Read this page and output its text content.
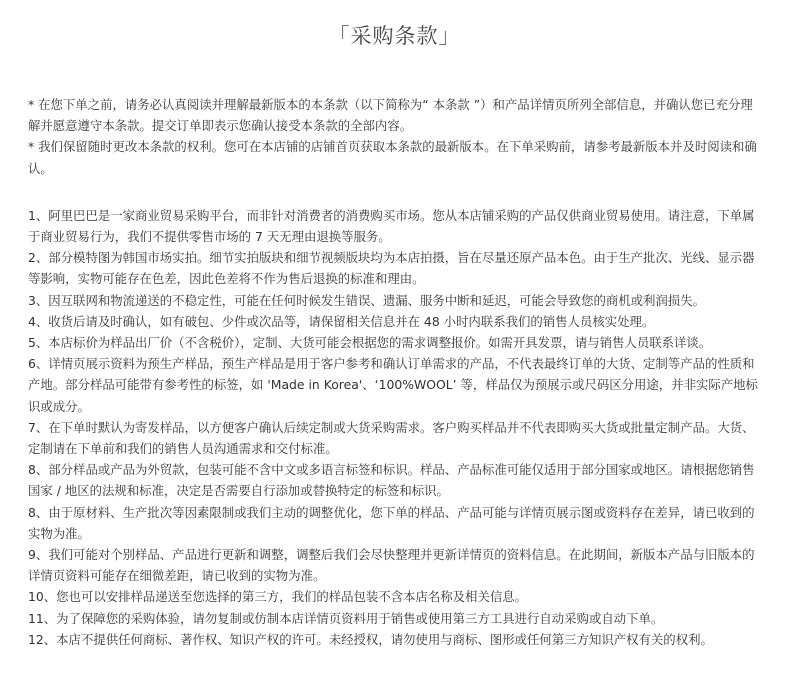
「采购条款」

* 在您下单之前，请务必认真阅读并理解最新版本的本条款（以下简称为“ 本条款 ”）和产品详情页所列全部信息，并确认您已充分理解并愿意遵守本条款。提交订单即表示您确认接受本条款的全部内容。

* 我们保留随时更改本条款的权利。您可在本店铺的店铺首页获取本条款的最新版本。在下单采购前，请参考最新版本并及时阅读和确认。

1、阿里巴巴是一家商业贸易采购平台，而非针对消费者的消费购买市场。您从本店铺采购的产品仅供商业贸易使用。请注意，下单属于商业贸易行为，我们不提供零售市场的 7 天无理由退换等服务。

2、部分模特图为韩国市场实拍。细节实拍版块和细节视频版块均为本店拍摄，旨在尽量还原产品本色。由于生产批次、光线、显示器等影响，实物可能存在色差，因此色差将不作为售后退换的标准和理由。

3、因互联网和物流递送的不稳定性，可能在任何时候发生错误、遗漏、服务中断和延迟，可能会导致您的商机或利润损失。

4、收货后请及时确认，如有破包、少件或次品等，请保留相关信息并在 48 小时内联系我们的销售人员核实处理。

5、本店标价为样品出厂价（不含税价），定制、大货可能会根据您的需求调整报价。如需开具发票，请与销售人员联系详谈。

6、详情页展示资料为预生产样品，预生产样品是用于客户参考和确认订单需求的产品，不代表最终订单的大货、定制等产品的性质和产地。部分样品可能带有参考性的标签，如 'Made in Korea'、‘100%WOOL’ 等，样品仅为预展示或尺码区分用途，并非实际产地标识或成分。

7、在下单时默认为寄发样品，以方便客户确认后续定制或大货采购需求。客户购买样品并不代表即购买大货或批量定制产品。大货、定制请在下单前和我们的销售人员沟通需求和交付标准。

8、部分样品或产品为外贸款，包装可能不含中文或多语言标签和标识。样品、产品标准可能仅适用于部分国家或地区。请根据您销售国家 / 地区的法规和标准，决定是否需要自行添加或替换特定的标签和标识。

8、由于原材料、生产批次等因素限制或我们主动的调整优化，您下单的样品、产品可能与详情页展示图或资料存在差异，请已收到的实物为准。

9、我们可能对个别样品、产品进行更新和调整，调整后我们会尽快整理并更新详情页的资料信息。在此期间，新版本产品与旧版本的详情页资料可能存在细微差距，请已收到的实物为准。

10、您也可以安排样品递送至您选择的第三方，我们的样品包装不含本店名称及相关信息。

11、为了保障您的采购体验，请勿复制或仿制本店详情页资料用于销售或使用第三方工具进行自动采购或自动下单。

12、本店不提供任何商标、著作权、知识产权的许可。未经授权，请勿使用与商标、图形或任何第三方知识产权有关的权利。
